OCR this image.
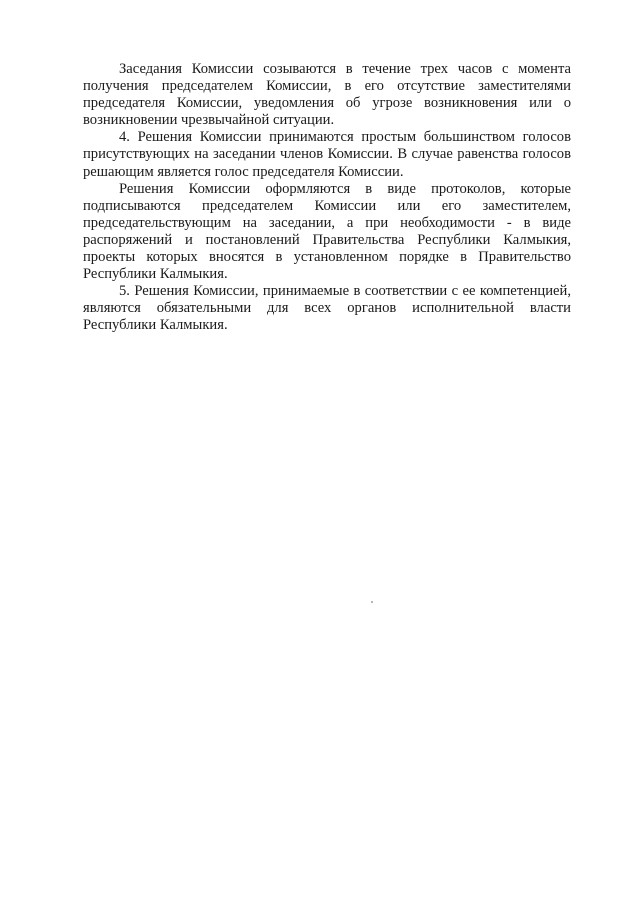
Заседания Комиссии созываются в течение трех часов с момента получения председателем Комиссии, в его отсутствие заместителями председателя Комиссии, уведомления об угрозе возникновения или о возникновении чрезвычайной ситуации.

4. Решения Комиссии принимаются простым большинством голосов присутствующих на заседании членов Комиссии. В случае равенства голосов решающим является голос председателя Комиссии.

Решения Комиссии оформляются в виде протоколов, которые подписываются председателем Комиссии или его заместителем, председательствующим на заседании, а при необходимости - в виде распоряжений и постановлений Правительства Республики Калмыкия, проекты которых вносятся в установленном порядке в Правительство Республики Калмыкия.

5. Решения Комиссии, принимаемые в соответствии с ее компетенцией, являются обязательными для всех органов исполнительной власти Республики Калмыкия.
